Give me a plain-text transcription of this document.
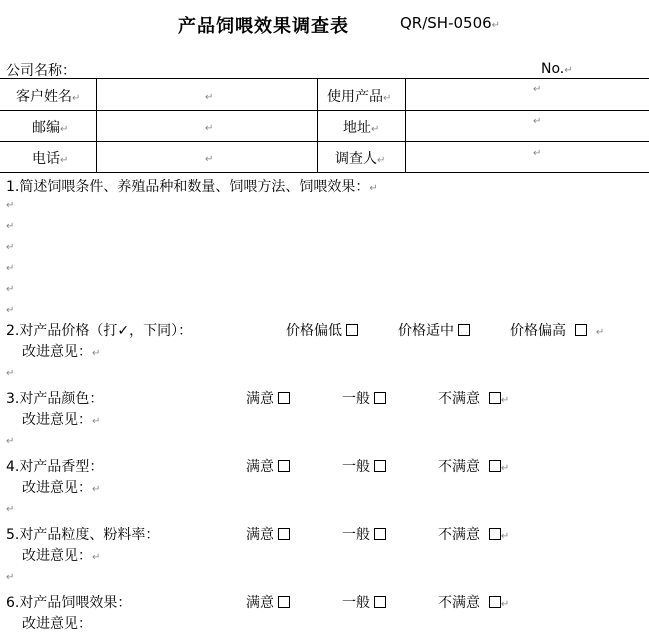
产品饲喂效果调查表	QR/SH-0506↵
公司名称：	No.↵
客户姓名↵	↵	使用产品↵
↵
邮编↵	↵	地址↵
↵
电话↵	↵	调查人↵
↵
1.简述饲喂条件、养殖品种和数量、饲喂方法、饲喂效果：↵
↵
↵
↵
↵
↵
↵
2.对产品价格（打✓，下同）：	价格偏低	价格适中	价格偏高	↵
改进意见：↵
↵
3.对产品颜色：	满意	一般	不满意 ↵
改进意见：↵
↵
4.对产品香型：	满意	一般	不满意 ↵
改进意见：↵
↵
5.对产品粒度、粉料率：	满意	一般	不满意 ↵
改进意见：↵
↵
6.对产品饲喂效果：	满意	一般	不满意 ↵
改进意见：
